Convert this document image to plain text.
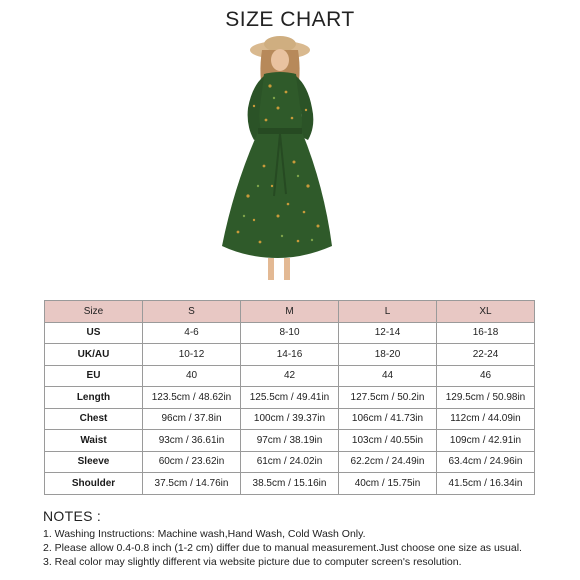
SIZE CHART
Size	S	M	L	XL
US	4-6	8-10	12-14	16-18
UK/AU	10-12	14-16	18-20	22-24
EU	40	42	44	46
Length	123.5cm / 48.62in	125.5cm / 49.41in	127.5cm / 50.2in	129.5cm / 50.98in
Chest	96cm / 37.8in	100cm / 39.37in	106cm / 41.73in	112cm / 44.09in
Waist	93cm / 36.61in	97cm / 38.19in	103cm / 40.55in	109cm / 42.91in
Sleeve	60cm / 23.62in	61cm / 24.02in	62.2cm / 24.49in	63.4cm / 24.96in
Shoulder	37.5cm / 14.76in	38.5cm / 15.16in	40cm / 15.75in	41.5cm / 16.34in
NOTES :
1. Washing Instructions: Machine wash,Hand Wash, Cold Wash Only.
2. Please allow 0.4-0.8 inch (1-2 cm) differ due to manual measurement.Just choose one size as usual.
3. Real color may slightly different via website picture due to computer screen's resolution.
